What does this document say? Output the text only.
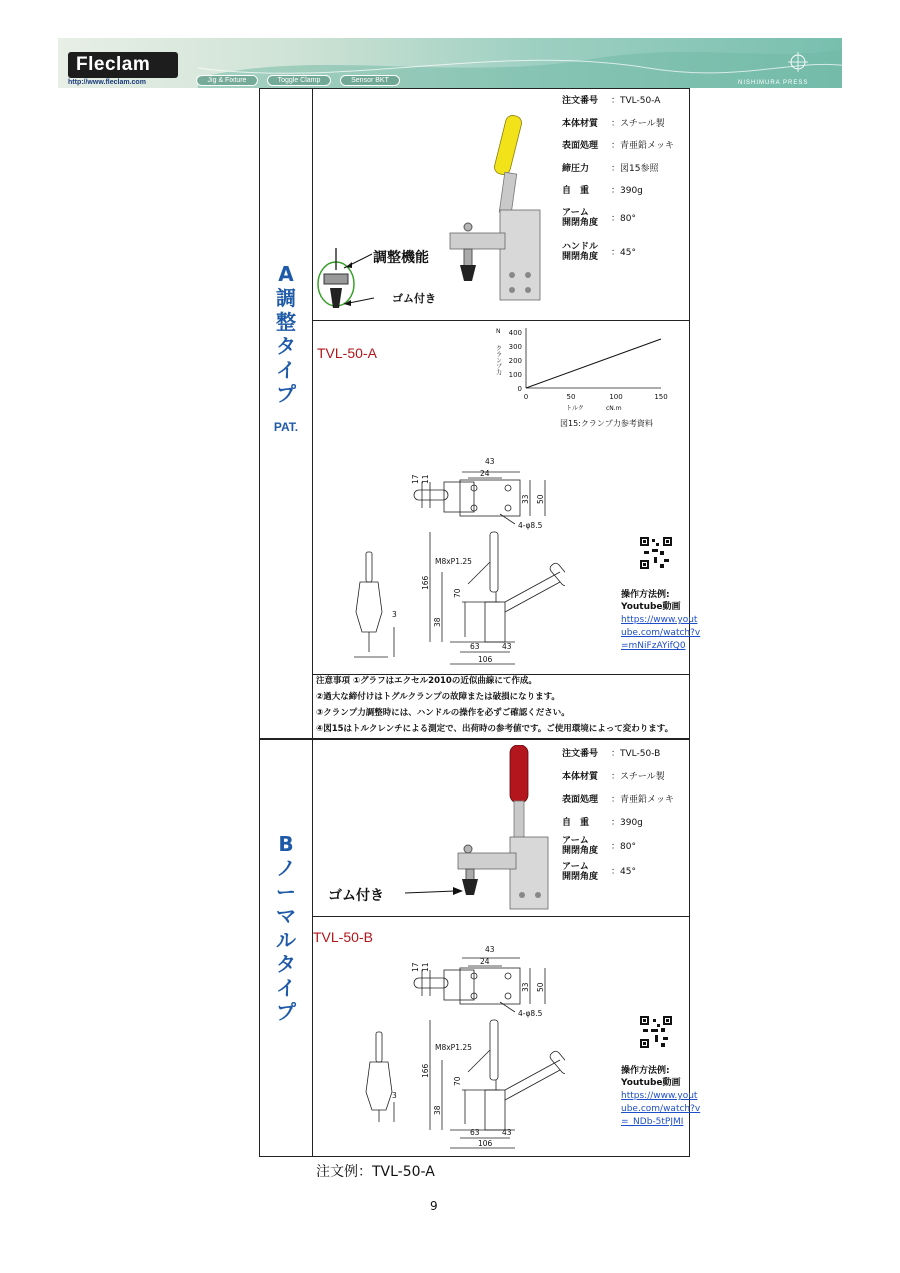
Fleclam
http://www.fleclam.com	Jig & Fixture	Toggle Clamp	Sensor BKT	NISHIMURA PRESS
A
調
整
タ
イ
プ
PAT.
調整機能
ゴム付き
注文番号 ：TVL-50-A
本体材質 ：スチール製
表面処理 ：青亜鉛メッキ
締圧力 ：図15参照
自　重 ：390g
アーム
開閉角度 ：80°
ハンドル
開閉角度 ：45°
TVL-50-A
0
100
200
300
400
0	50	100	150
N
クランプ力
トルク	cN.m
図15:クランプ力参考資料
43
24
17 11
33 50
4-φ8.5
M8xP1.25
166
70
38
63	43
106
3
操作方法例:
Youtube動画
https://www.youtube.com/watch?v=mNiFzAYifQ0
注意事項 ①グラフはエクセル2010の近似曲線にて作成。
②過大な締付けはトグルクランプの故障または破損になります。
③クランプ力調整時には、ハンドルの操作を必ずご確認ください。
④図15はトルクレンチによる測定で、出荷時の参考値です。ご使用環境によって変わります。
B
ノ
ー
マ
ル
タ
イ
プ
ゴム付き
注文番号 ：TVL-50-B
本体材質 ：スチール製
表面処理 ：青亜鉛メッキ
自　重 ：390g
アーム
開閉角度 ：80°
アーム
開閉角度 ：45°
TVL-50-B
43
24
17 11
33 50
4-φ8.5
M8xP1.25
166
70
38
63	43
106
3
操作方法例:
Youtube動画
https://www.youtube.com/watch?v=_NDb-5tPJMI
注文例：TVL-50-A
9
